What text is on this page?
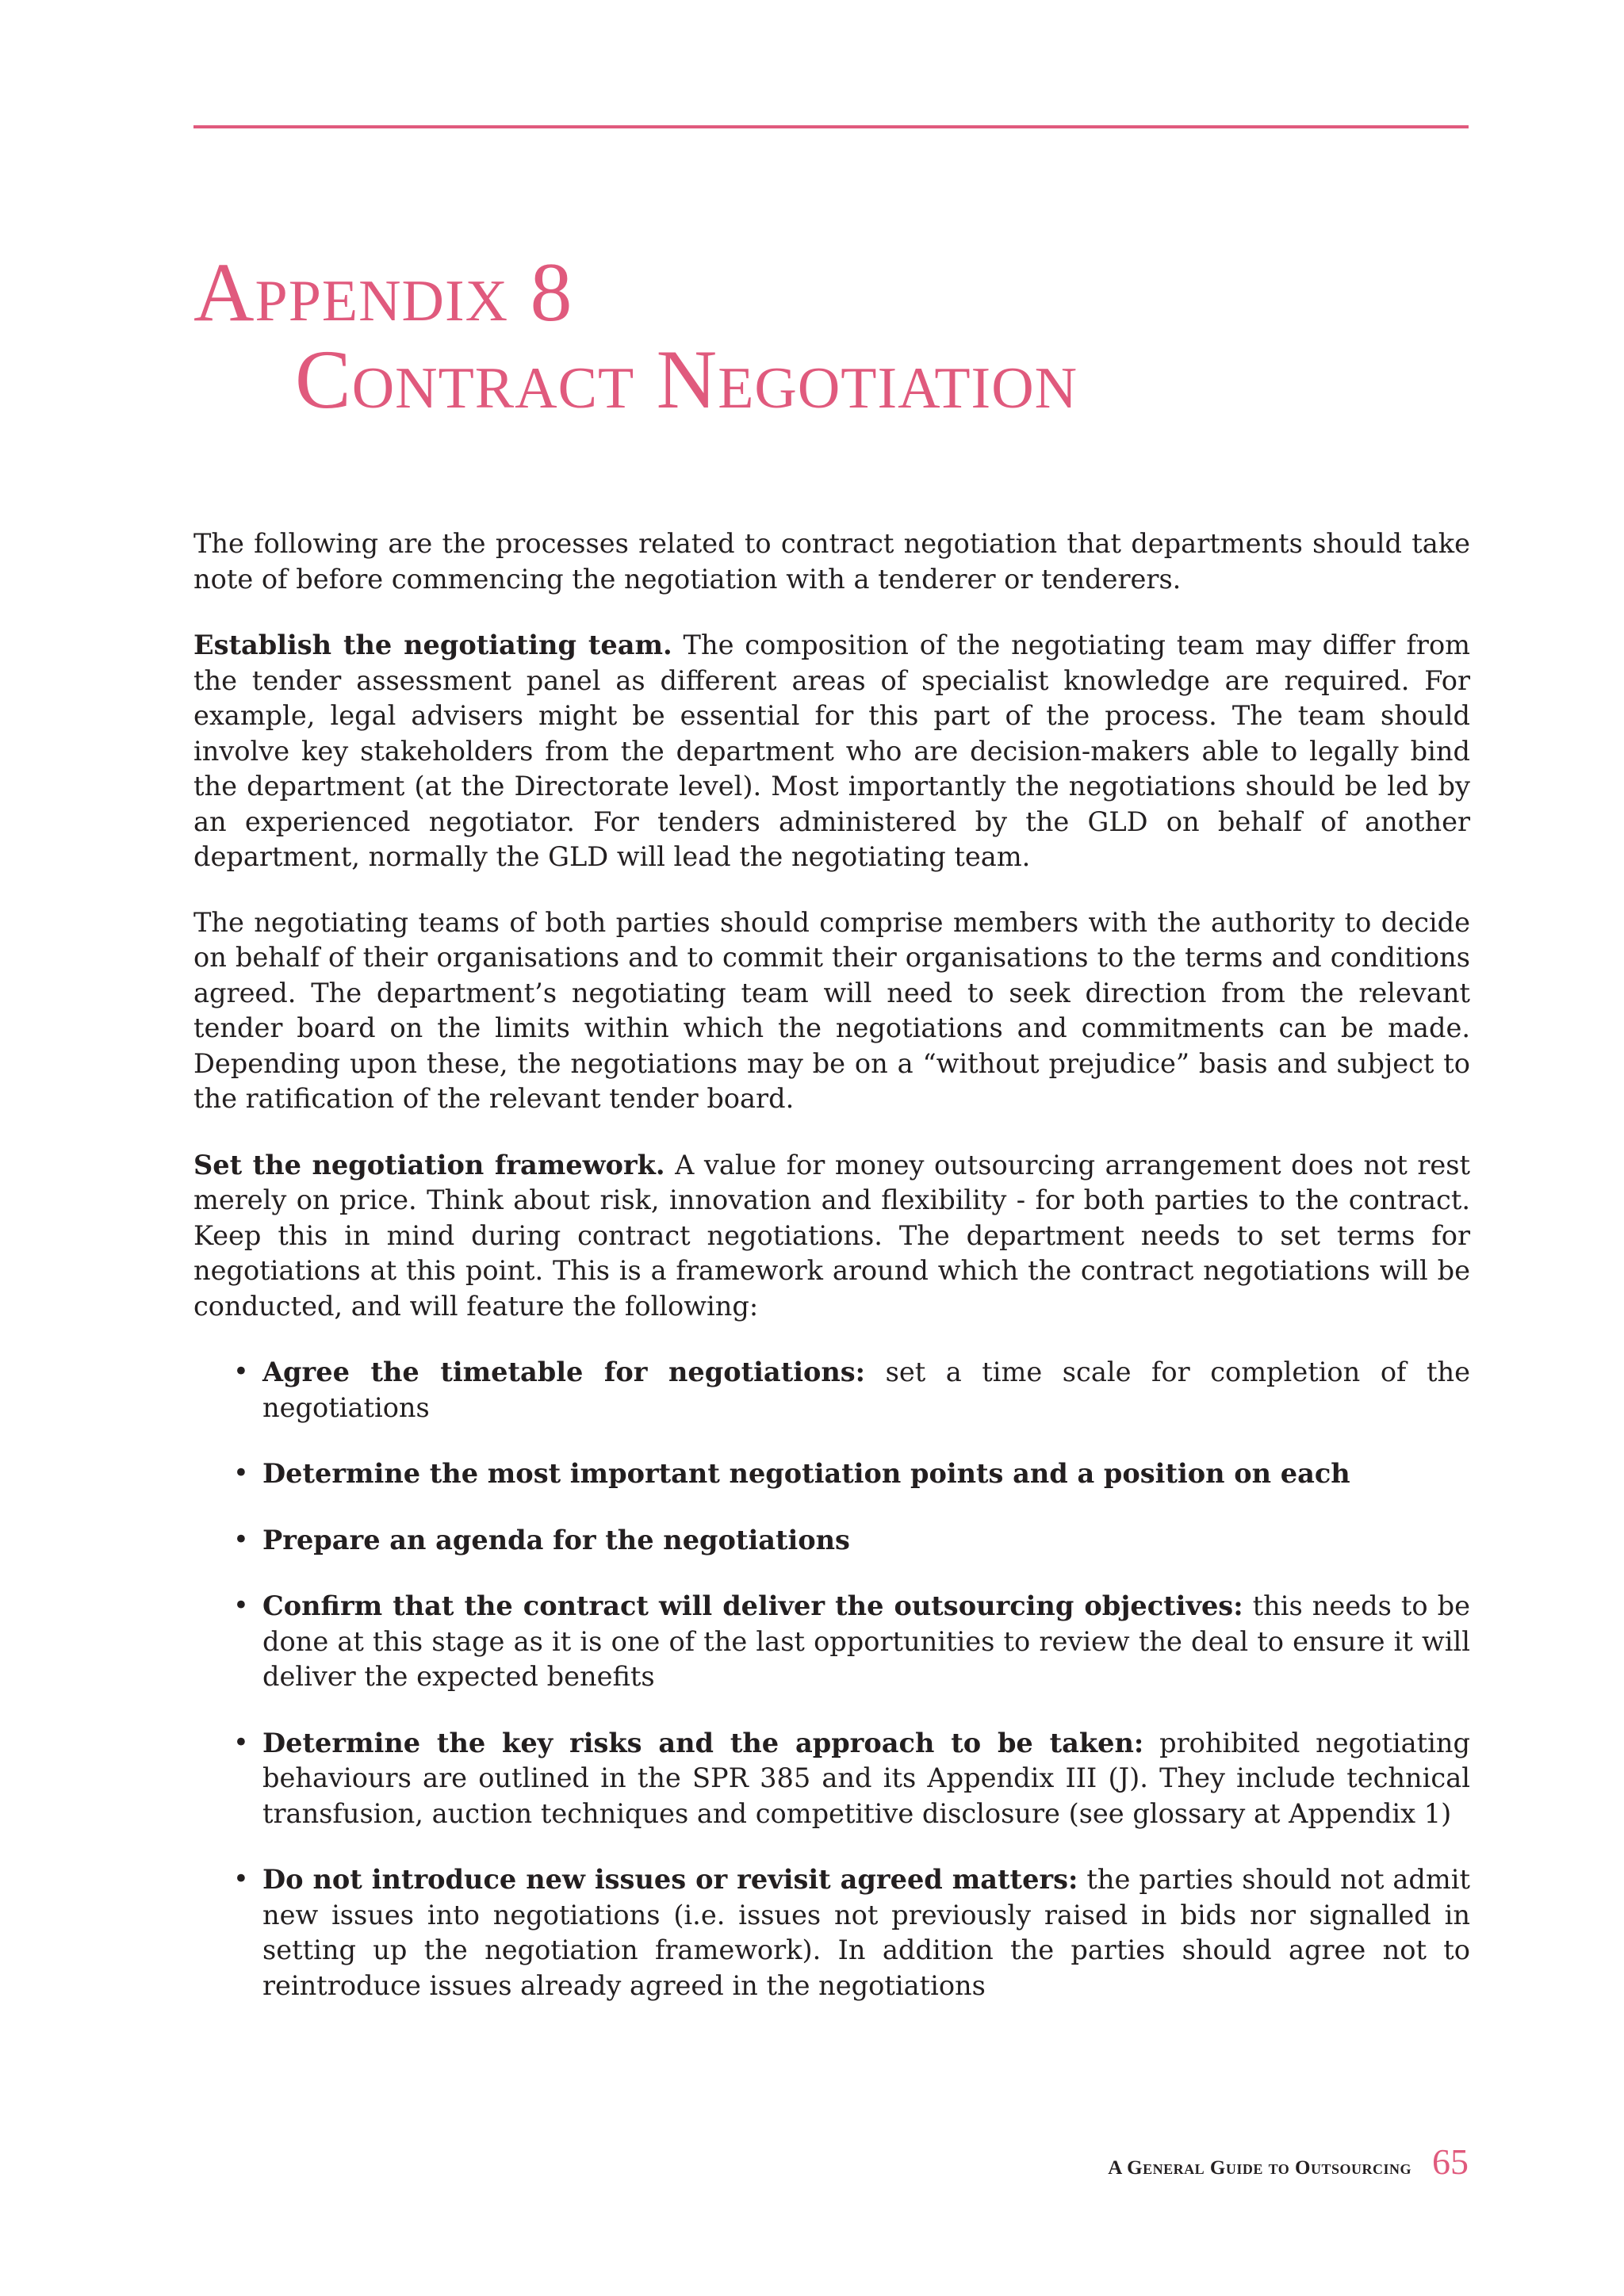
Appendix 8
Contract Negotiation

The following are the processes related to contract negotiation that departments should take note of before commencing the negotiation with a tenderer or tenderers.

Establish the negotiating team. The composition of the negotiating team may differ from the tender assessment panel as different areas of specialist knowledge are required. For example, legal advisers might be essential for this part of the process. The team should involve key stakeholders from the department who are decision-makers able to legally bind the department (at the Directorate level). Most importantly the negotiations should be led by an experienced negotiator. For tenders administered by the GLD on behalf of another department, normally the GLD will lead the negotiating team.

The negotiating teams of both parties should comprise members with the authority to decide on behalf of their organisations and to commit their organisations to the terms and conditions agreed. The department’s negotiating team will need to seek direction from the relevant tender board on the limits within which the negotiations and commitments can be made. Depending upon these, the negotiations may be on a “without prejudice” basis and subject to the ratification of the relevant tender board.

Set the negotiation framework. A value for money outsourcing arrangement does not rest merely on price. Think about risk, innovation and flexibility - for both parties to the contract. Keep this in mind during contract negotiations. The department needs to set terms for negotiations at this point. This is a framework around which the contract negotiations will be conducted, and will feature the following:

• Agree the timetable for negotiations: set a time scale for completion of the negotiations
• Determine the most important negotiation points and a position on each
• Prepare an agenda for the negotiations
• Confirm that the contract will deliver the outsourcing objectives: this needs to be done at this stage as it is one of the last opportunities to review the deal to ensure it will deliver the expected benefits
• Determine the key risks and the approach to be taken: prohibited negotiating behaviours are outlined in the SPR 385 and its Appendix III (J). They include technical transfusion, auction techniques and competitive disclosure (see glossary at Appendix 1)
• Do not introduce new issues or revisit agreed matters: the parties should not admit new issues into negotiations (i.e. issues not previously raised in bids nor signalled in setting up the negotiation framework). In addition the parties should agree not to reintroduce issues already agreed in the negotiations
A General Guide to Outsourcing 65
